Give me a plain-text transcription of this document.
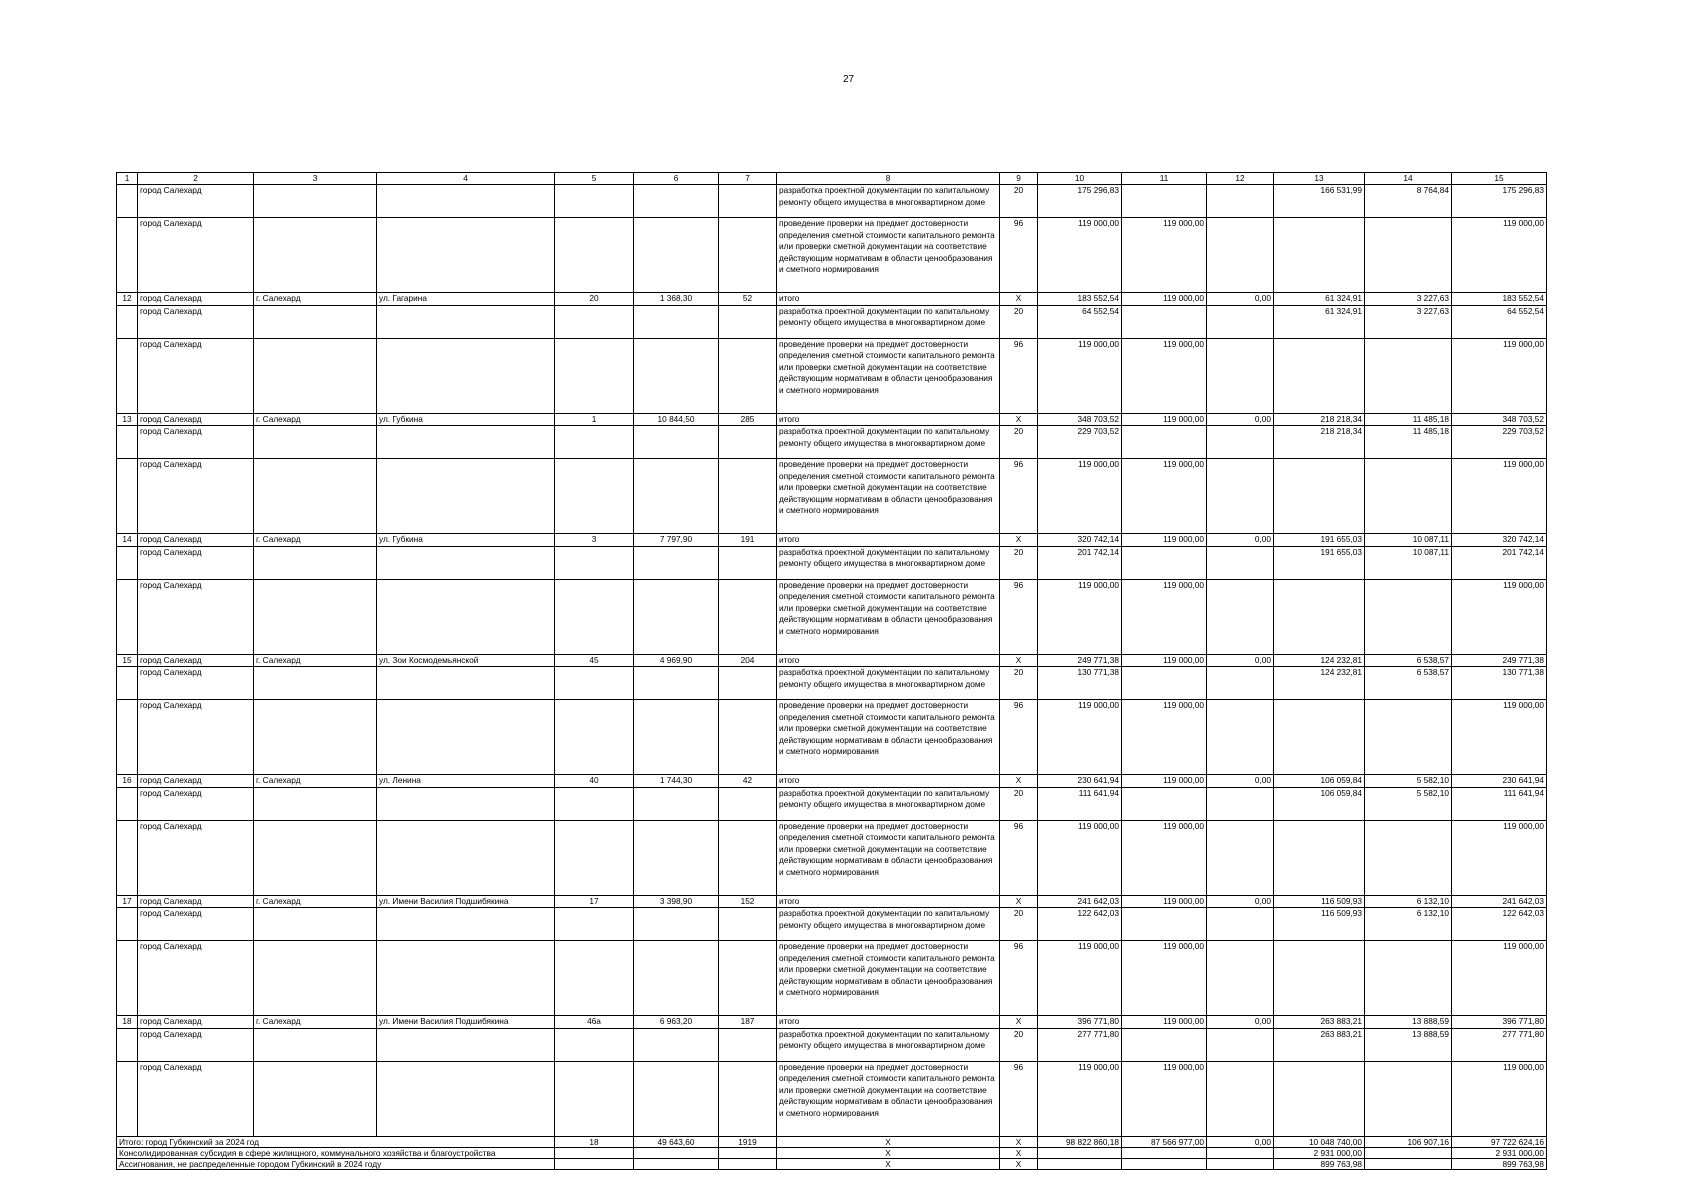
27
1	2	3	4	5	6	7	8	9	10	11	12	13	14	15
	город Салехард						разработка проектной документации по капитальному ремонту общего имущества в многоквартирном доме	20	175 296,83			166 531,99	8 764,84	175 296,83
	город Салехард						проведение проверки на предмет достоверности определения сметной стоимости капитального ремонта или проверки сметной документации на соответствие действующим нормативам в области ценообразования и сметного нормирования	96	119 000,00	119 000,00				119 000,00
12	город Салехард	г. Салехард	ул. Гагарина	20	1 368,30	52	итого	X	183 552,54	119 000,00	0,00	61 324,91	3 227,63	183 552,54
	город Салехард						разработка проектной документации по капитальному ремонту общего имущества в многоквартирном доме	20	64 552,54			61 324,91	3 227,63	64 552,54
	город Салехард						проведение проверки на предмет достоверности определения сметной стоимости капитального ремонта или проверки сметной документации на соответствие действующим нормативам в области ценообразования и сметного нормирования	96	119 000,00	119 000,00				119 000,00
13	город Салехард	г. Салехард	ул. Губкина	1	10 844,50	285	итого	X	348 703,52	119 000,00	0,00	218 218,34	11 485,18	348 703,52
	город Салехард						разработка проектной документации по капитальному ремонту общего имущества в многоквартирном доме	20	229 703,52			218 218,34	11 485,18	229 703,52
	город Салехард						проведение проверки на предмет достоверности определения сметной стоимости капитального ремонта или проверки сметной документации на соответствие действующим нормативам в области ценообразования и сметного нормирования	96	119 000,00	119 000,00				119 000,00
14	город Салехард	г. Салехард	ул. Губкина	3	7 797,90	191	итого	X	320 742,14	119 000,00	0,00	191 655,03	10 087,11	320 742,14
	город Салехард						разработка проектной документации по капитальному ремонту общего имущества в многоквартирном доме	20	201 742,14			191 655,03	10 087,11	201 742,14
	город Салехард						проведение проверки на предмет достоверности определения сметной стоимости капитального ремонта или проверки сметной документации на соответствие действующим нормативам в области ценообразования и сметного нормирования	96	119 000,00	119 000,00				119 000,00
15	город Салехард	г. Салехард	ул. Зои Космодемьянской	45	4 969,90	204	итого	X	249 771,38	119 000,00	0,00	124 232,81	6 538,57	249 771,38
	город Салехард						разработка проектной документации по капитальному ремонту общего имущества в многоквартирном доме	20	130 771,38			124 232,81	6 538,57	130 771,38
	город Салехард						проведение проверки на предмет достоверности определения сметной стоимости капитального ремонта или проверки сметной документации на соответствие действующим нормативам в области ценообразования и сметного нормирования	96	119 000,00	119 000,00				119 000,00
16	город Салехард	г. Салехард	ул. Ленина	40	1 744,30	42	итого	X	230 641,94	119 000,00	0,00	106 059,84	5 582,10	230 641,94
	город Салехард						разработка проектной документации по капитальному ремонту общего имущества в многоквартирном доме	20	111 641,94			106 059,84	5 582,10	111 641,94
	город Салехард						проведение проверки на предмет достоверности определения сметной стоимости капитального ремонта или проверки сметной документации на соответствие действующим нормативам в области ценообразования и сметного нормирования	96	119 000,00	119 000,00				119 000,00
17	город Салехард	г. Салехард	ул. Имени Василия Подшибякина	17	3 398,90	152	итого	X	241 642,03	119 000,00	0,00	116 509,93	6 132,10	241 642,03
	город Салехард						разработка проектной документации по капитальному ремонту общего имущества в многоквартирном доме	20	122 642,03			116 509,93	6 132,10	122 642,03
	город Салехард						проведение проверки на предмет достоверности определения сметной стоимости капитального ремонта или проверки сметной документации на соответствие действующим нормативам в области ценообразования и сметного нормирования	96	119 000,00	119 000,00				119 000,00
18	город Салехард	г. Салехард	ул. Имени Василия Подшибякина	46а	6 963,20	187	итого	X	396 771,80	119 000,00	0,00	263 883,21	13 888,59	396 771,80
	город Салехард						разработка проектной документации по капитальному ремонту общего имущества в многоквартирном доме	20	277 771,80			263 883,21	13 888,59	277 771,80
	город Салехард						проведение проверки на предмет достоверности определения сметной стоимости капитального ремонта или проверки сметной документации на соответствие действующим нормативам в области ценообразования и сметного нормирования	96	119 000,00	119 000,00				119 000,00
Итого: город Губкинский за 2024 год				18	49 643,60	1919	X	X	98 822 860,18	87 566 977,00	0,00	10 048 740,00	106 907,16	97 722 624,16
Консолидированная субсидия в сфере жилищного, коммунального хозяйства и благоустройства							X	X				2 931 000,00		2 931 000,00
Ассигнования, не распределенные городом Губкинский в 2024 году							X	X				899 763,98		899 763,98
